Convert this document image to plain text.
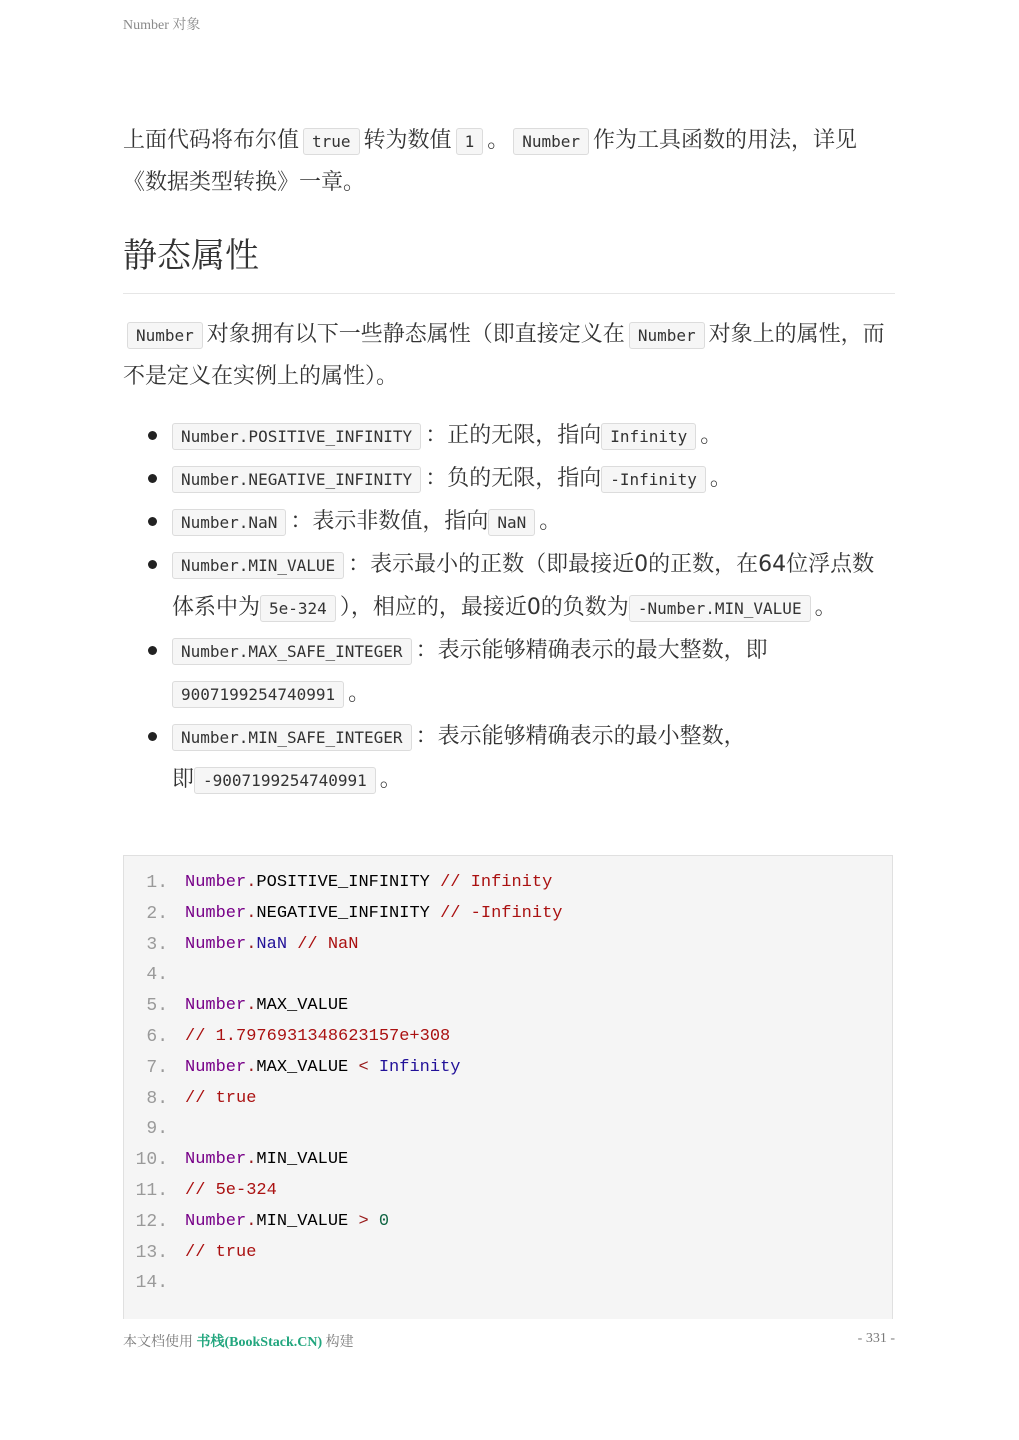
Number 对象

上面代码将布尔值 true 转为数值 1 。 Number 作为工具函数的用法，详见《数据类型转换》一章。

静态属性

Number 对象拥有以下一些静态属性（即直接定义在 Number 对象上的属性，而不是定义在实例上的属性）。

Number.POSITIVE_INFINITY ：正的无限，指向 Infinity 。
Number.NEGATIVE_INFINITY ：负的无限，指向 -Infinity 。
Number.NaN ：表示非数值，指向 NaN 。
Number.MIN_VALUE ：表示最小的正数（即最接近0的正数，在64位浮点数体系中为 5e-324 ），相应的，最接近0的负数为 -Number.MIN_VALUE 。
Number.MAX_SAFE_INTEGER ：表示能够精确表示的最大整数，即9007199254740991 。
Number.MIN_SAFE_INTEGER ：表示能够精确表示的最小整数，即 -9007199254740991 。
1. Number.POSITIVE_INFINITY // Infinity
2. Number.NEGATIVE_INFINITY // -Infinity
3. Number.NaN // NaN
4.
5. Number.MAX_VALUE
6. // 1.7976931348623157e+308
7. Number.MAX_VALUE < Infinity
8. // true
9.
10. Number.MIN_VALUE
11. // 5e-324
12. Number.MIN_VALUE > 0
13. // true
14.
本文档使用 书栈(BookStack.CN) 构建	- 331 -
